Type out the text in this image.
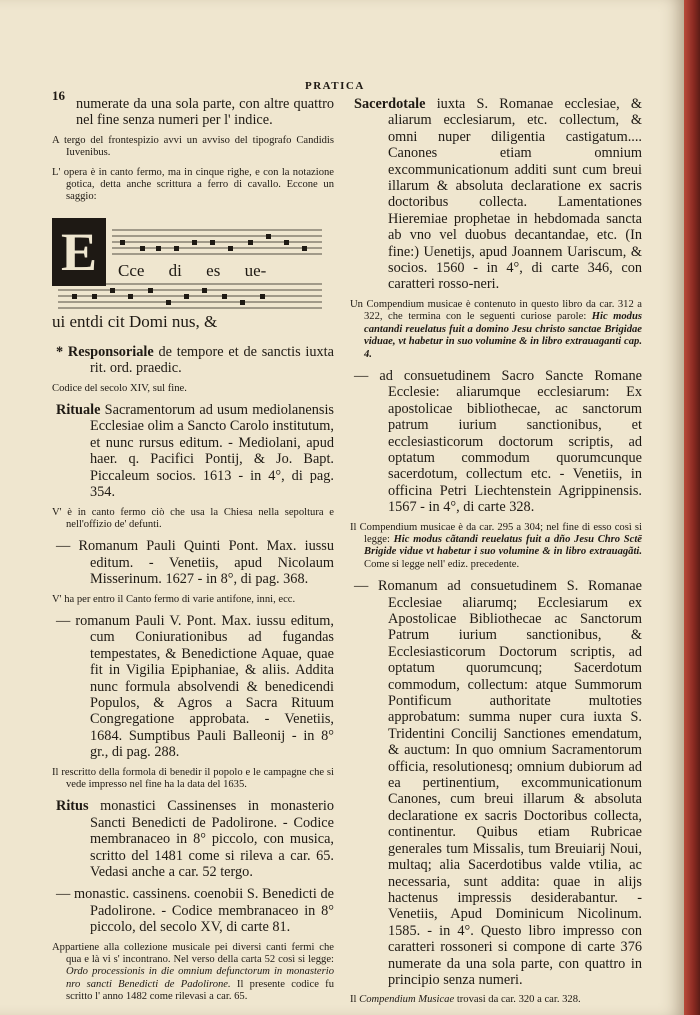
16
PRATICA

numerate da una sola parte, con altre quattro nel fine senza numeri per l' indice.

A tergo del frontespizio avvi un avviso del tipografo Candidis Iuvenibus.

L' opera è in canto fermo, ma in cinque righe, e con la notazione gotica, detta anche scrittura a ferro di cavallo. Eccone un saggio:

E	Cce di es ue-
ui entdi cit Domi nus, &

* Responsoriale de tempore et de sanctis iuxta rit. ord. praedic.

Codice del secolo XIV, sul fine.

Rituale Sacramentorum ad usum mediolanensis Ecclesiae olim a Sancto Carolo institutum, et nunc rursus editum. - Mediolani, apud haer. q. Pacifici Pontij, & Jo. Bapt. Piccaleum socios. 1613 - in 4°, di pag. 354.

V' è in canto fermo ciò che usa la Chiesa nella sepoltura e nell'offizio de' defunti.

— Romanum Pauli Quinti Pont. Max. iussu editum. - Venetiis, apud Nicolaum Misserinum. 1627 - in 8°, di pag. 368.

V' ha per entro il Canto fermo di varie antifone, inni, ecc.

— romanum Pauli V. Pont. Max. iussu editum, cum Coniurationibus ad fugandas tempestates, & Benedictione Aquae, quae fit in Vigilia Epiphaniae, & aliis. Addita nunc formula absolvendi & benedicendi Populos, & Agros a Sacra Rituum Congregatione approbata. - Venetiis, 1684. Sumptibus Pauli Balleonij - in 8° gr., di pag. 288.

Il rescritto della formola di benedir il popolo e le campagne che si vede impresso nel fine ha la data del 1635.

Ritus monastici Cassinenses in monasterio Sancti Benedicti de Padolirone. - Codice membranaceo in 8° piccolo, con musica, scritto del 1481 come si rileva a car. 65. Vedasi anche a car. 52 tergo.

— monastic. cassinens. coenobii S. Benedicti de Padolirone. - Codice membranaceo in 8° piccolo, del secolo XV, di carte 81.

Appartiene alla collezione musicale pei diversi canti fermi che qua e là vi s' incontrano. Nel verso della carta 52 così si legge: Ordo processionis in die omnium defunctorum in monasterio nro sancti Benedicti de Padolirone. Il presente codice fu scritto l' anno 1482 come rilevasi a car. 65.

Sacerdotale iuxta S. Romanae ecclesiae, & aliarum ecclesiarum, etc. collectum, & omni nuper diligentia castigatum.... Canones etiam omnium excommunicationum additi sunt cum breui illarum & absoluta declaratione ex sacris doctoribus collecta. Lamentationes Hieremiae prophetae in hebdomada sancta ab vno vel duobus decantandae, etc. (In fine:) Uenetijs, apud Joannem Uariscum, & socios. 1560 - in 4°, di carte 346, con caratteri rosso-neri.

Un Compendium musicae è contenuto in questo libro da car. 312 a 322, che termina con le seguenti curiose parole: Hic modus cantandi reuelatus fuit a domino Jesu christo sanctae Brigidae viduae, vt habetur in suo volumine & in libro extrauaganti cap. 4.

— ad consuetudinem Sacro Sancte Romane Ecclesie: aliarumque ecclesiarum: Ex apostolicae bibliothecae, ac sanctorum patrum iurium sanctionibus, et ecclesiasticorum doctorum scriptis, ad optatum commodum quorumcunque sacerdotum, collectum etc. - Venetiis, in officina Petri Liechtenstein Agrippinensis. 1567 - in 4°, di carte 328.

Il Compendium musicae è da car. 295 a 304; nel fine di esso così si legge: Hic modus cãtandi reuelatus fuit a dño Jesu Chro Sctē Brigide vidue vt habetur i suo volumine & in libro extrauagãti. Come si legge nell' ediz. precedente.

— Romanum ad consuetudinem S. Romanae Ecclesiae aliarumq; Ecclesiarum ex Apostolicae Bibliothecae ac Sanctorum Patrum iurium sanctionibus, & Ecclesiasticorum Doctorum scriptis, ad optatum quorumcunq; Sacerdotum commodum, collectum: atque Summorum Pontificum authoritate multoties approbatum: summa nuper cura iuxta S. Tridentini Concilij Sanctiones emendatum, & auctum: In quo omnium Sacramentorum officia, resolutionesq; omnium dubiorum ad ea pertinentium, excommunicationum Canones, cum breui illarum & absoluta declaratione ex sacris Doctoribus collecta, continentur. Quibus etiam Rubricae generales tum Missalis, tum Breuiarij Noui, multaq; alia Sacerdotibus valde vtilia, ac necessaria, sunt addita: quae in alijs hactenus impressis desiderabantur. - Venetiis, Apud Dominicum Nicolinum. 1585. - in 4°. Questo libro impresso con caratteri rossoneri si compone di carte 376 numerate da una sola parte, con quattro in principio senza numeri.

Il Compendium Musicae trovasi da car. 320 a car. 328.
